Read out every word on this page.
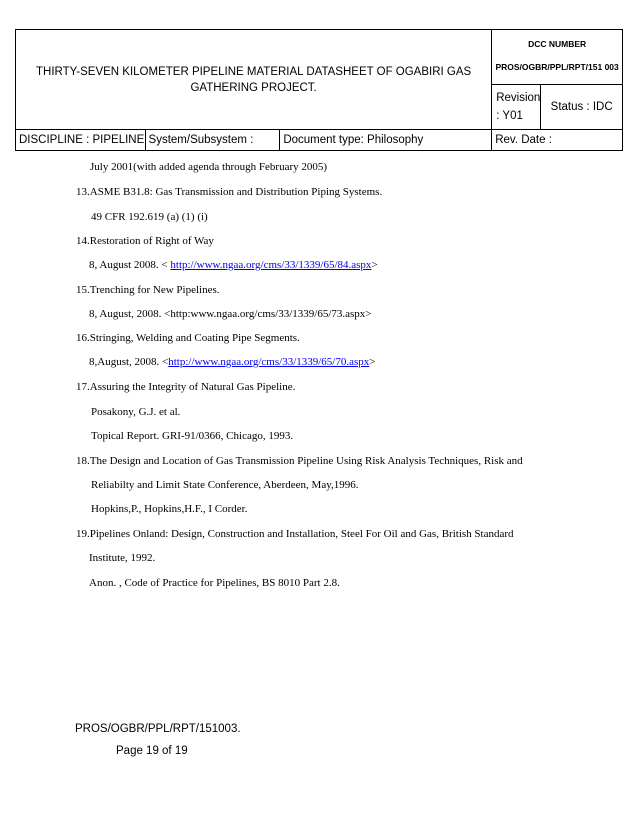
THIRTY-SEVEN KILOMETER PIPELINE MATERIAL DATASHEET OF OGABIRI GAS GATHERING PROJECT.			DCC NUMBER
PROS/OGBR/PPL/RPT/151 003	

			Revision : Y01	Status : IDC
DISCIPLINE : PIPELINE	System/Subsystem :	Document type: Philosophy	Rev. Date :	
July 2001(with added agenda through February 2005)
13.ASME B31.8: Gas Transmission and Distribution Piping Systems.
49 CFR 192.619 (a) (1) (i)
14.Restoration of Right of Way
8, August 2008. < http://www.ngaa.org/cms/33/1339/65/84.aspx>
15.Trenching for New Pipelines.
8, August, 2008. <http:www.ngaa.org/cms/33/1339/65/73.aspx>
16.Stringing, Welding and Coating Pipe Segments.
8,August, 2008. <http://www.ngaa.org/cms/33/1339/65/70.aspx>
17.Assuring the Integrity of Natural Gas Pipeline.
Posakony, G.J. et al.
Topical Report. GRI-91/0366, Chicago, 1993.
18.The Design and Location of Gas Transmission Pipeline Using Risk Analysis Techniques, Risk and
Reliabilty and Limit State Conference, Aberdeen, May,1996.
Hopkins,P., Hopkins,H.F., I Corder.
19.Pipelines Onland: Design, Construction and Installation, Steel For Oil and Gas, British Standard
Institute, 1992.
Anon. , Code of Practice for Pipelines, BS 8010 Part 2.8.
PROS/OGBR/PPL/RPT/151003.
Page 19 of 19
